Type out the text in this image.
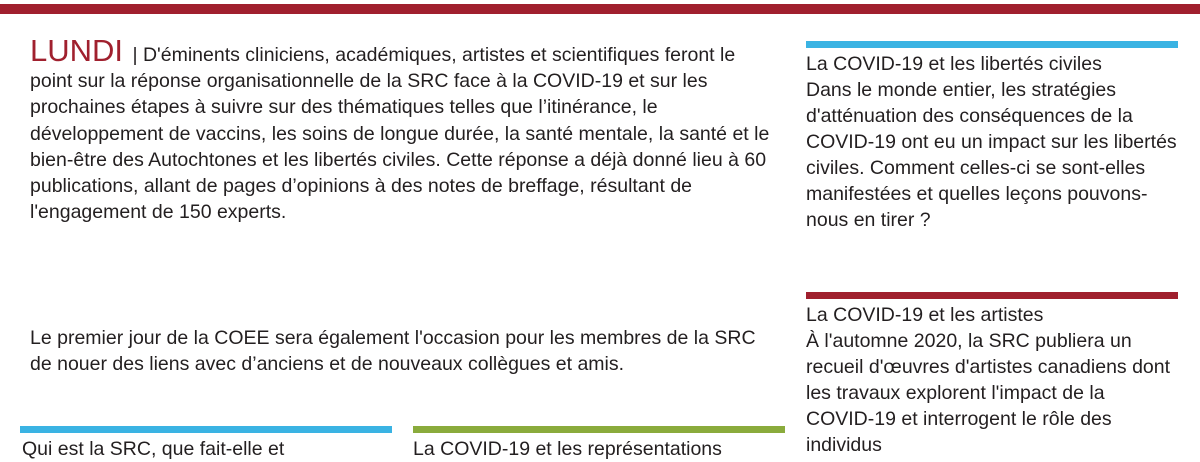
LUNDI | D'éminents cliniciens, académiques, artistes et scientifiques feront le point sur la réponse organisationnelle de la SRC face à la COVID-19 et sur les prochaines étapes à suivre sur des thématiques telles que l’itinérance, le développement de vaccins, les soins de longue durée, la santé mentale, la santé et le bien-être des Autochtones et les libertés civiles. Cette réponse a déjà donné lieu à 60 publications, allant de pages d’opinions à des notes de breffage, résultant de l'engagement de 150 experts.

Le premier jour de la COEE sera également l'occasion pour les membres de la SRC de nouer des liens avec d’anciens et de nouveaux collègues et amis.

Qui est la SRC, que fait-elle et	La COVID-19 et les représentations

La COVID-19 et les libertés civiles

Dans le monde entier, les stratégies d'atténuation des conséquences de la COVID-19 ont eu un impact sur les libertés civiles. Comment celles-ci se sont-elles manifestées et quelles leçons pouvons-nous en tirer ?

La COVID-19 et les artistes

À l'automne 2020, la SRC publiera un recueil d'œuvres d'artistes canadiens dont les travaux explorent l'impact de la COVID-19 et interrogent le rôle des individus
